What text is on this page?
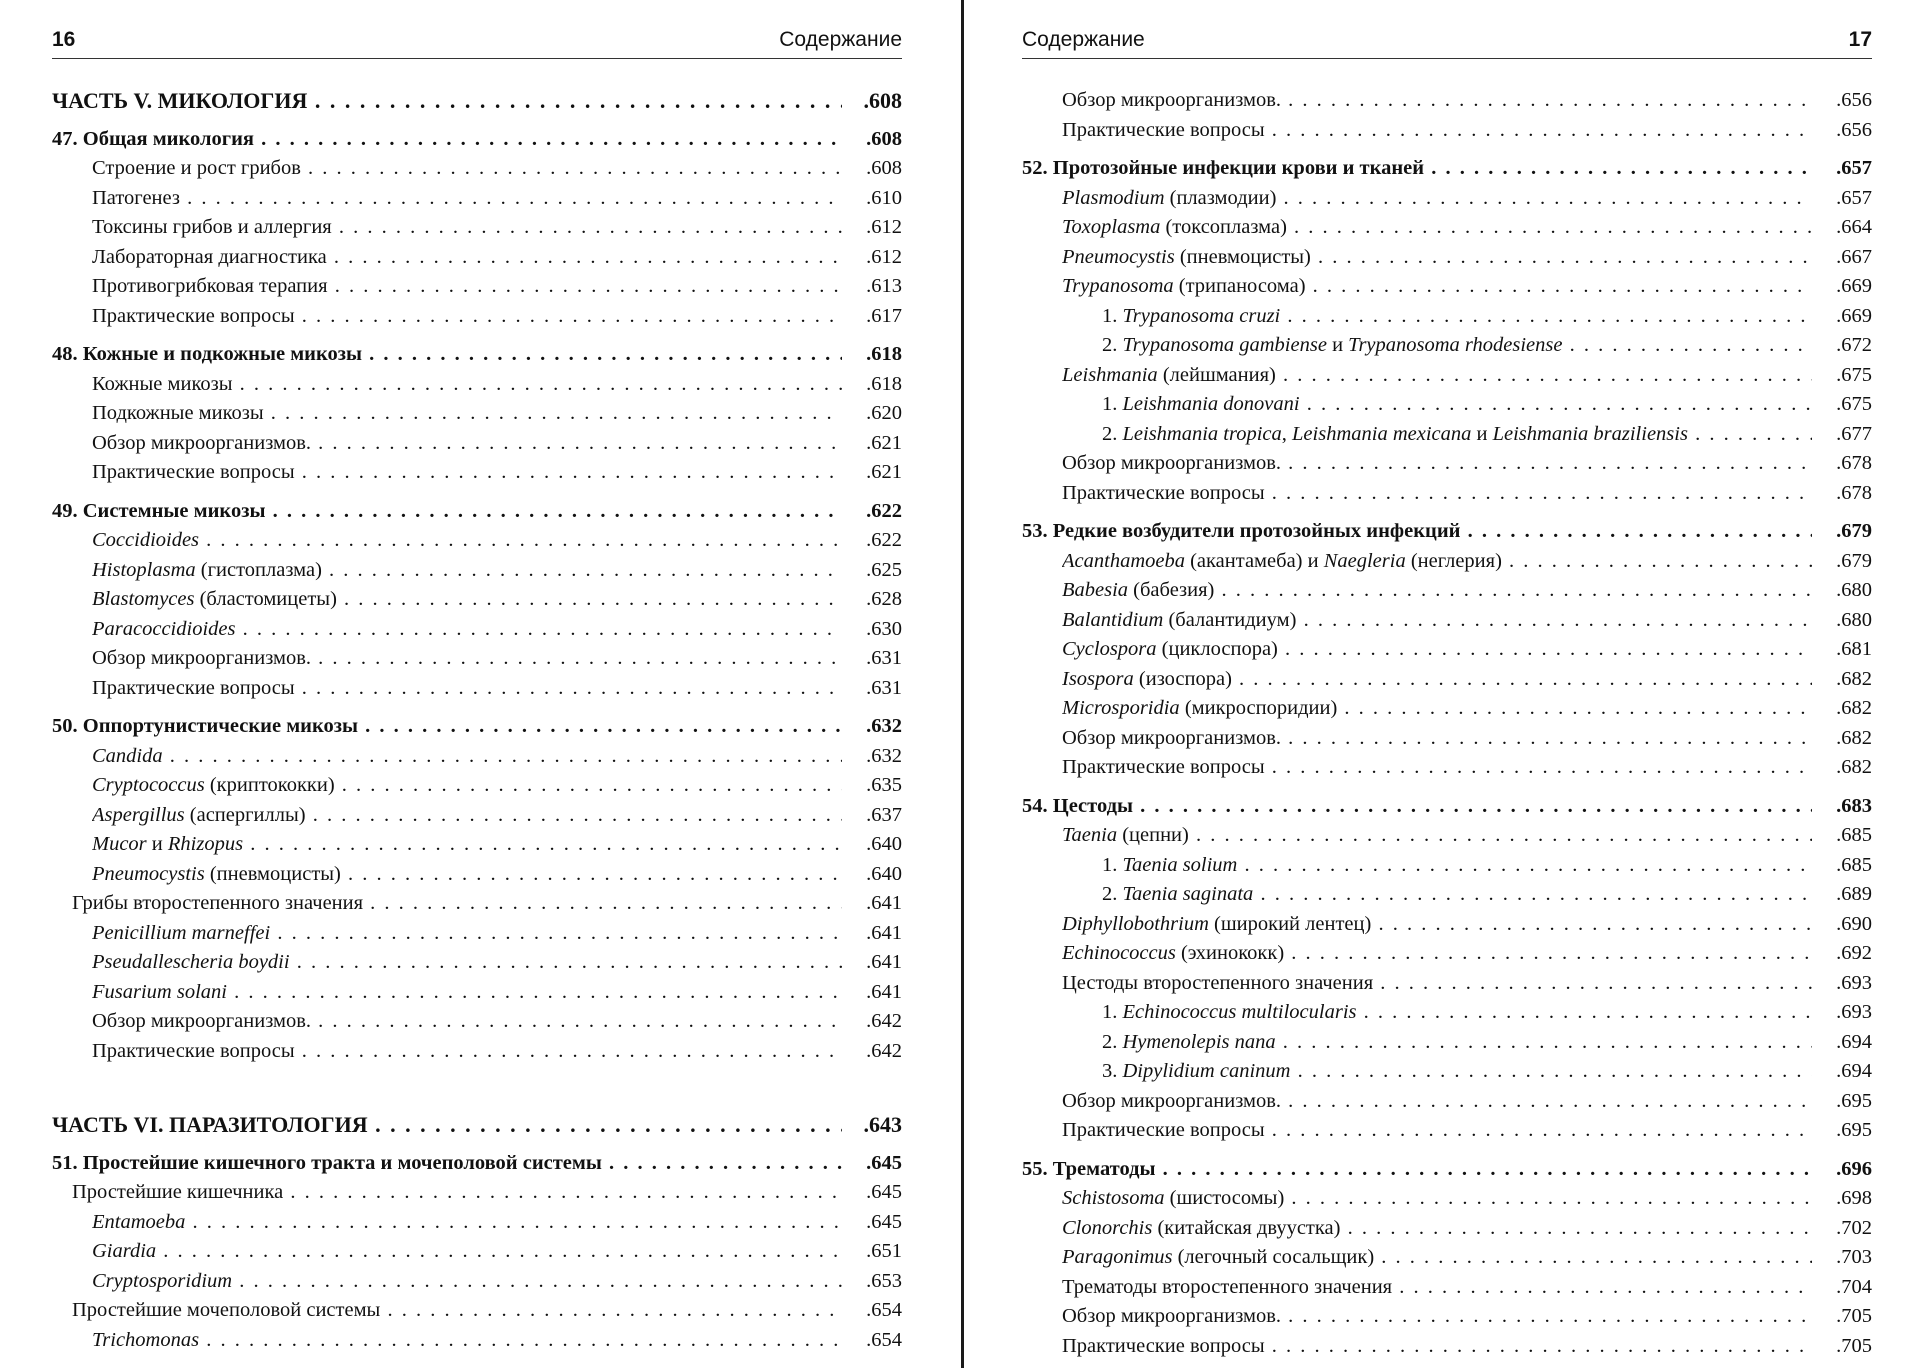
16	Содержание
ЧАСТЬ V. МИКОЛОГИЯ . . .	.608
47. Общая микология . . .	.608
Строение и рост грибов . . .	.608
Патогенез . . .	.610
Токсины грибов и аллергия . . .	.612
Лабораторная диагностика . . .	.612
Противогрибковая терапия . . .	.613
Практические вопросы . . .	.617
48. Кожные и подкожные микозы . . .	.618
Кожные микозы . . .	.618
Подкожные микозы . . .	.620
Обзор микроорганизмов. . . .	.621
Практические вопросы . . .	.621
49. Системные микозы . . .	.622
Coccidioides . . .	.622
Histoplasma (гистоплазма) . . .	.625
Blastomyces (бластомицеты) . . .	.628
Paracoccidioides . . .	.630
Обзор микроорганизмов. . . .	.631
Практические вопросы . . .	.631
50. Оппортунистические микозы . . .	.632
Candida . . .	.632
Cryptococcus (криптококки) . . .	.635
Aspergillus (аспергиллы) . . .	.637
Mucor и Rhizopus . . .	.640
Pneumocystis (пневмоцисты) . . .	.640
Грибы второстепенного значения . . .	.641
Penicillium marneffei . . .	.641
Pseudallescheria boydii . . .	.641
Fusarium solani . . .	.641
Обзор микроорганизмов. . . .	.642
Практические вопросы . . .	.642
ЧАСТЬ VI. ПАРАЗИТОЛОГИЯ . . .	.643
51. Простейшие кишечного тракта и мочеполовой системы . . .	.645
Простейшие кишечника . . .	.645
Entamoeba . . .	.645
Giardia . . .	.651
Cryptosporidium . . .	.653
Простейшие мочеполовой системы . . .	.654
Trichomonas . . .	.654
Содержание	17
Обзор микроорганизмов. . . .	.656
Практические вопросы . . .	.656
52. Протозойные инфекции крови и тканей . . .	.657
Plasmodium (плазмодии) . . .	.657
Toxoplasma (токсоплазма) . . .	.664
Pneumocystis (пневмоцисты) . . .	.667
Trypanosoma (трипаносома) . . .	.669
1. Trypanosoma cruzi . . .	.669
2. Trypanosoma gambiense и Trypanosoma rhodesiense . . .	.672
Leishmania (лейшмания) . . .	.675
1. Leishmania donovani . . .	.675
2. Leishmania tropica, Leishmania mexicana и Leishmania braziliensis . . .	.677
Обзор микроорганизмов. . . .	.678
Практические вопросы . . .	.678
53. Редкие возбудители протозойных инфекций . . .	.679
Acanthamoeba (акантамеба) и Naegleria (неглерия) . . .	.679
Babesia (бабезия) . . .	.680
Balantidium (балантидиум) . . .	.680
Cyclospora (циклоспора) . . .	.681
Isospora (изоспора) . . .	.682
Microsporidia (микроспоридии) . . .	.682
Обзор микроорганизмов. . . .	.682
Практические вопросы . . .	.682
54. Цестоды . . .	.683
Taenia (цепни) . . .	.685
1. Taenia solium . . .	.685
2. Taenia saginata . . .	.689
Diphyllobothrium (широкий лентец) . . .	.690
Echinococcus (эхинококк) . . .	.692
Цестоды второстепенного значения . . .	.693
1. Echinococcus multilocularis . . .	.693
2. Hymenolepis nana . . .	.694
3. Dipylidium caninum . . .	.694
Обзор микроорганизмов. . . .	.695
Практические вопросы . . .	.695
55. Трематоды . . .	.696
Schistosoma (шистосомы) . . .	.698
Clonorchis (китайская двуустка) . . .	.702
Paragonimus (легочный сосальщик) . . .	.703
Трематоды второстепенного значения . . .	.704
Обзор микроорганизмов. . . .	.705
Практические вопросы . . .	.705
